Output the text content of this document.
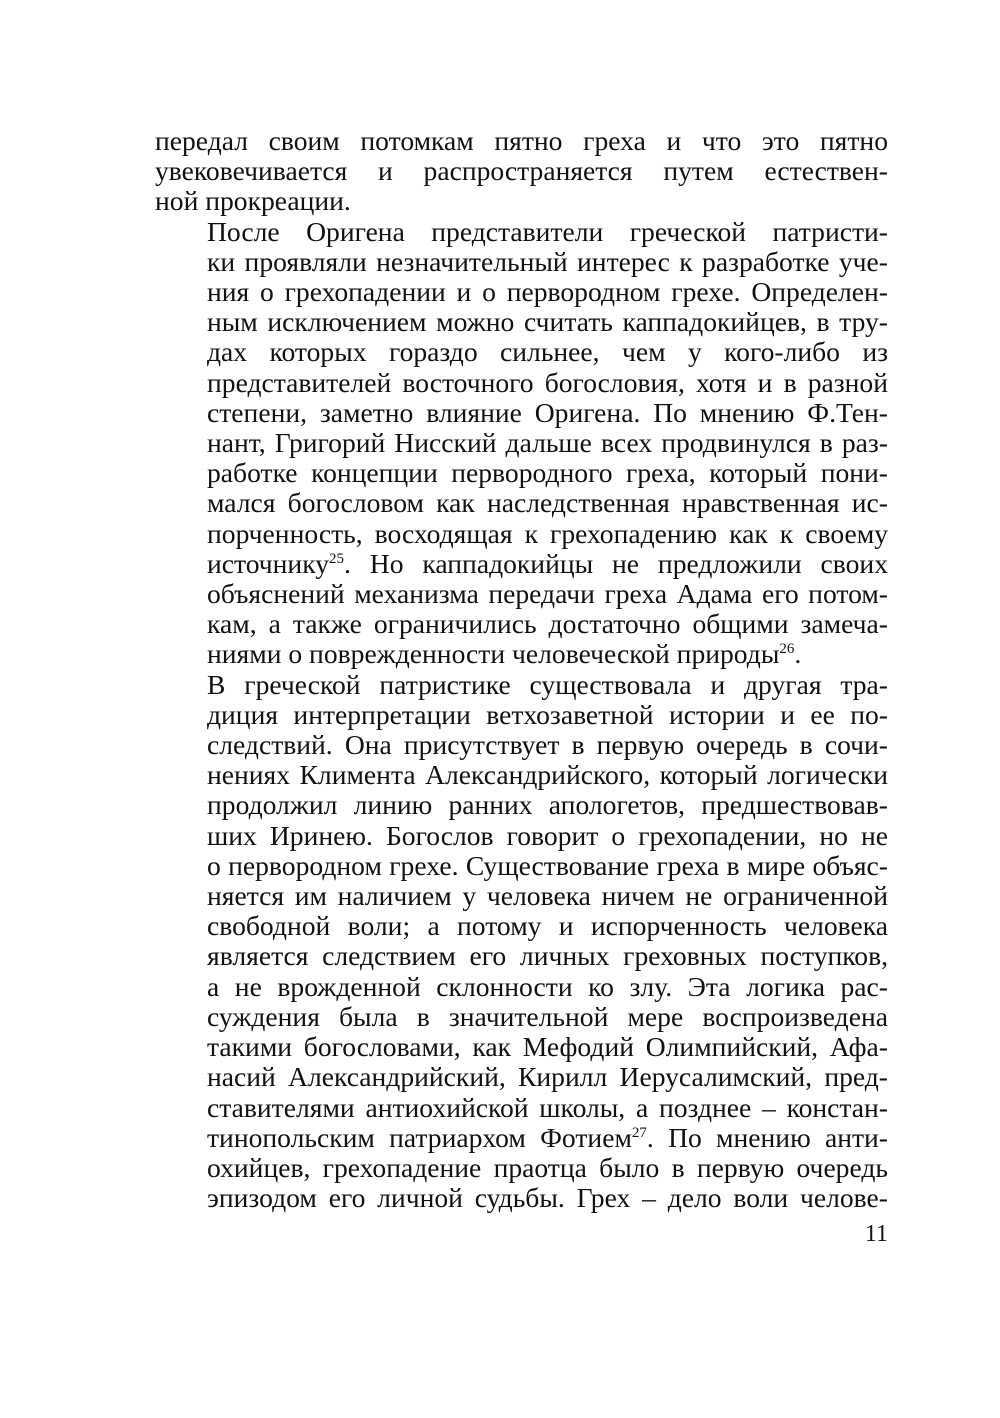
передал своим потомкам пятно греха и что это пятно
увековечивается и распространяется путем естествен-
ной прокреации.

После Оригена представители греческой патристи-
ки проявляли незначительный интерес к разработке уче-
ния о грехопадении и о первородном грехе. Определен-
ным исключением можно считать каппадокийцев, в тру-
дах которых гораздо сильнее, чем у кого-либо из
представителей восточного богословия, хотя и в разной
степени, заметно влияние Оригена. По мнению Ф.Тен-
нант, Григорий Нисский дальше всех продвинулся в раз-
работке концепции первородного греха, который пони-
мался богословом как наследственная нравственная ис-
порченность, восходящая к грехопадению как к своему
источнику$^{25}$. Но каппадокийцы не предложили своих
объяснений механизма передачи греха Адама его потом-
кам, а также ограничились достаточно общими замеча-
ниями о поврежденности человеческой природы$^{26}$.

В греческой патристике существовала и другая тра-
диция интерпретации ветхозаветной истории и ее по-
следствий. Она присутствует в первую очередь в сочи-
нениях Климента Александрийского, который логически
продолжил линию ранних апологетов, предшествовав-
ших Иринею. Богослов говорит о грехопадении, но не
о первородном грехе. Существование греха в мире объяс-
няется им наличием у человека ничем не ограниченной
свободной воли; а потому и испорченность человека
является следствием его личных греховных поступков,
а не врожденной склонности ко злу. Эта логика рас-
суждения была в значительной мере воспроизведена
такими богословами, как Мефодий Олимпийский, Афа-
насий Александрийский, Кирилл Иерусалимский, пред-
ставителями антиохийской школы, а позднее – констан-
тинопольским патриархом Фотием$^{27}$. По мнению анти-
охийцев, грехопадение праотца было в первую очередь
эпизодом его личной судьбы. Грех – дело воли челове-

11
